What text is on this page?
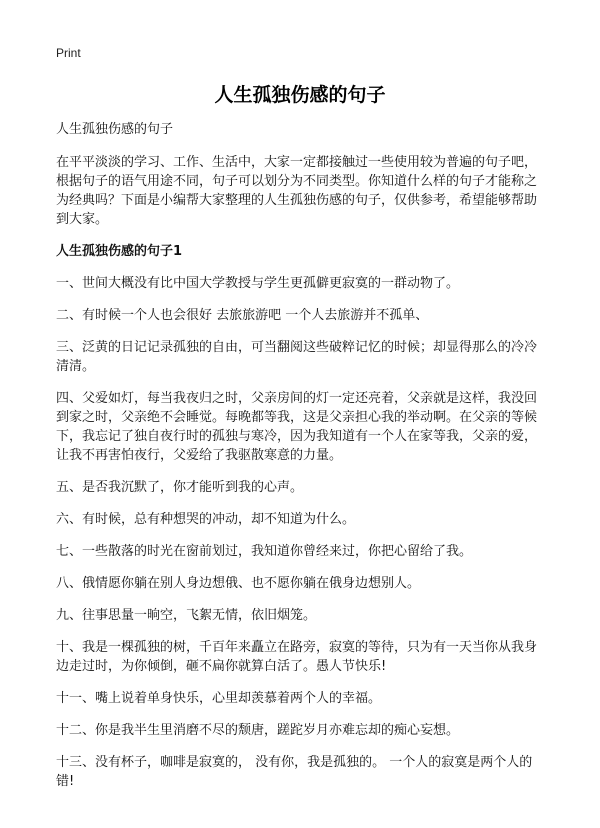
Print
人生孤独伤感的句子

人生孤独伤感的句子

在平平淡淡的学习、工作、生活中，大家一定都接触过一些使用较为普遍的句子吧，根据句子的语气用途不同，句子可以划分为不同类型。你知道什么样的句子才能称之为经典吗？下面是小编帮大家整理的人生孤独伤感的句子，仅供参考，希望能够帮助到大家。

人生孤独伤感的句子1

一、世间大概没有比中国大学教授与学生更孤僻更寂寞的一群动物了。

二、有时候一个人也会很好 去旅旅游吧 一个人去旅游并不孤单、

三、泛黄的日记记录孤独的自由，可当翻阅这些破粹记忆的时候；却显得那么的冷冷清清。

四、父爱如灯，每当我夜归之时，父亲房间的灯一定还亮着，父亲就是这样，我没回到家之时，父亲绝不会睡觉。每晚都等我，这是父亲担心我的举动啊。在父亲的等候下，我忘记了独自夜行时的孤独与寒冷，因为我知道有一个人在家等我，父亲的爱，让我不再害怕夜行，父爱给了我驱散寒意的力量。

五、是否我沉默了，你才能听到我的心声。

六、有时候，总有种想哭的冲动，却不知道为什么。

七、一些散落的时光在窗前划过，我知道你曾经来过，你把心留给了我。

八、俄情愿你躺在别人身边想俄、也不愿你躺在俄身边想别人。

九、往事思量一晌空，飞絮无情，依旧烟笼。

十、我是一棵孤独的树，千百年来矗立在路旁，寂寞的等待，只为有一天当你从我身边走过时，为你倾倒，砸不扁你就算白活了。愚人节快乐!

十一、嘴上说着单身快乐，心里却羡慕着两个人的幸福。

十二、你是我半生里消磨不尽的颓唐，蹉跎岁月亦难忘却的痴心妄想。

十三、没有杯子，咖啡是寂寞的， 没有你，我是孤独的。 一个人的寂寞是两个人的错!
